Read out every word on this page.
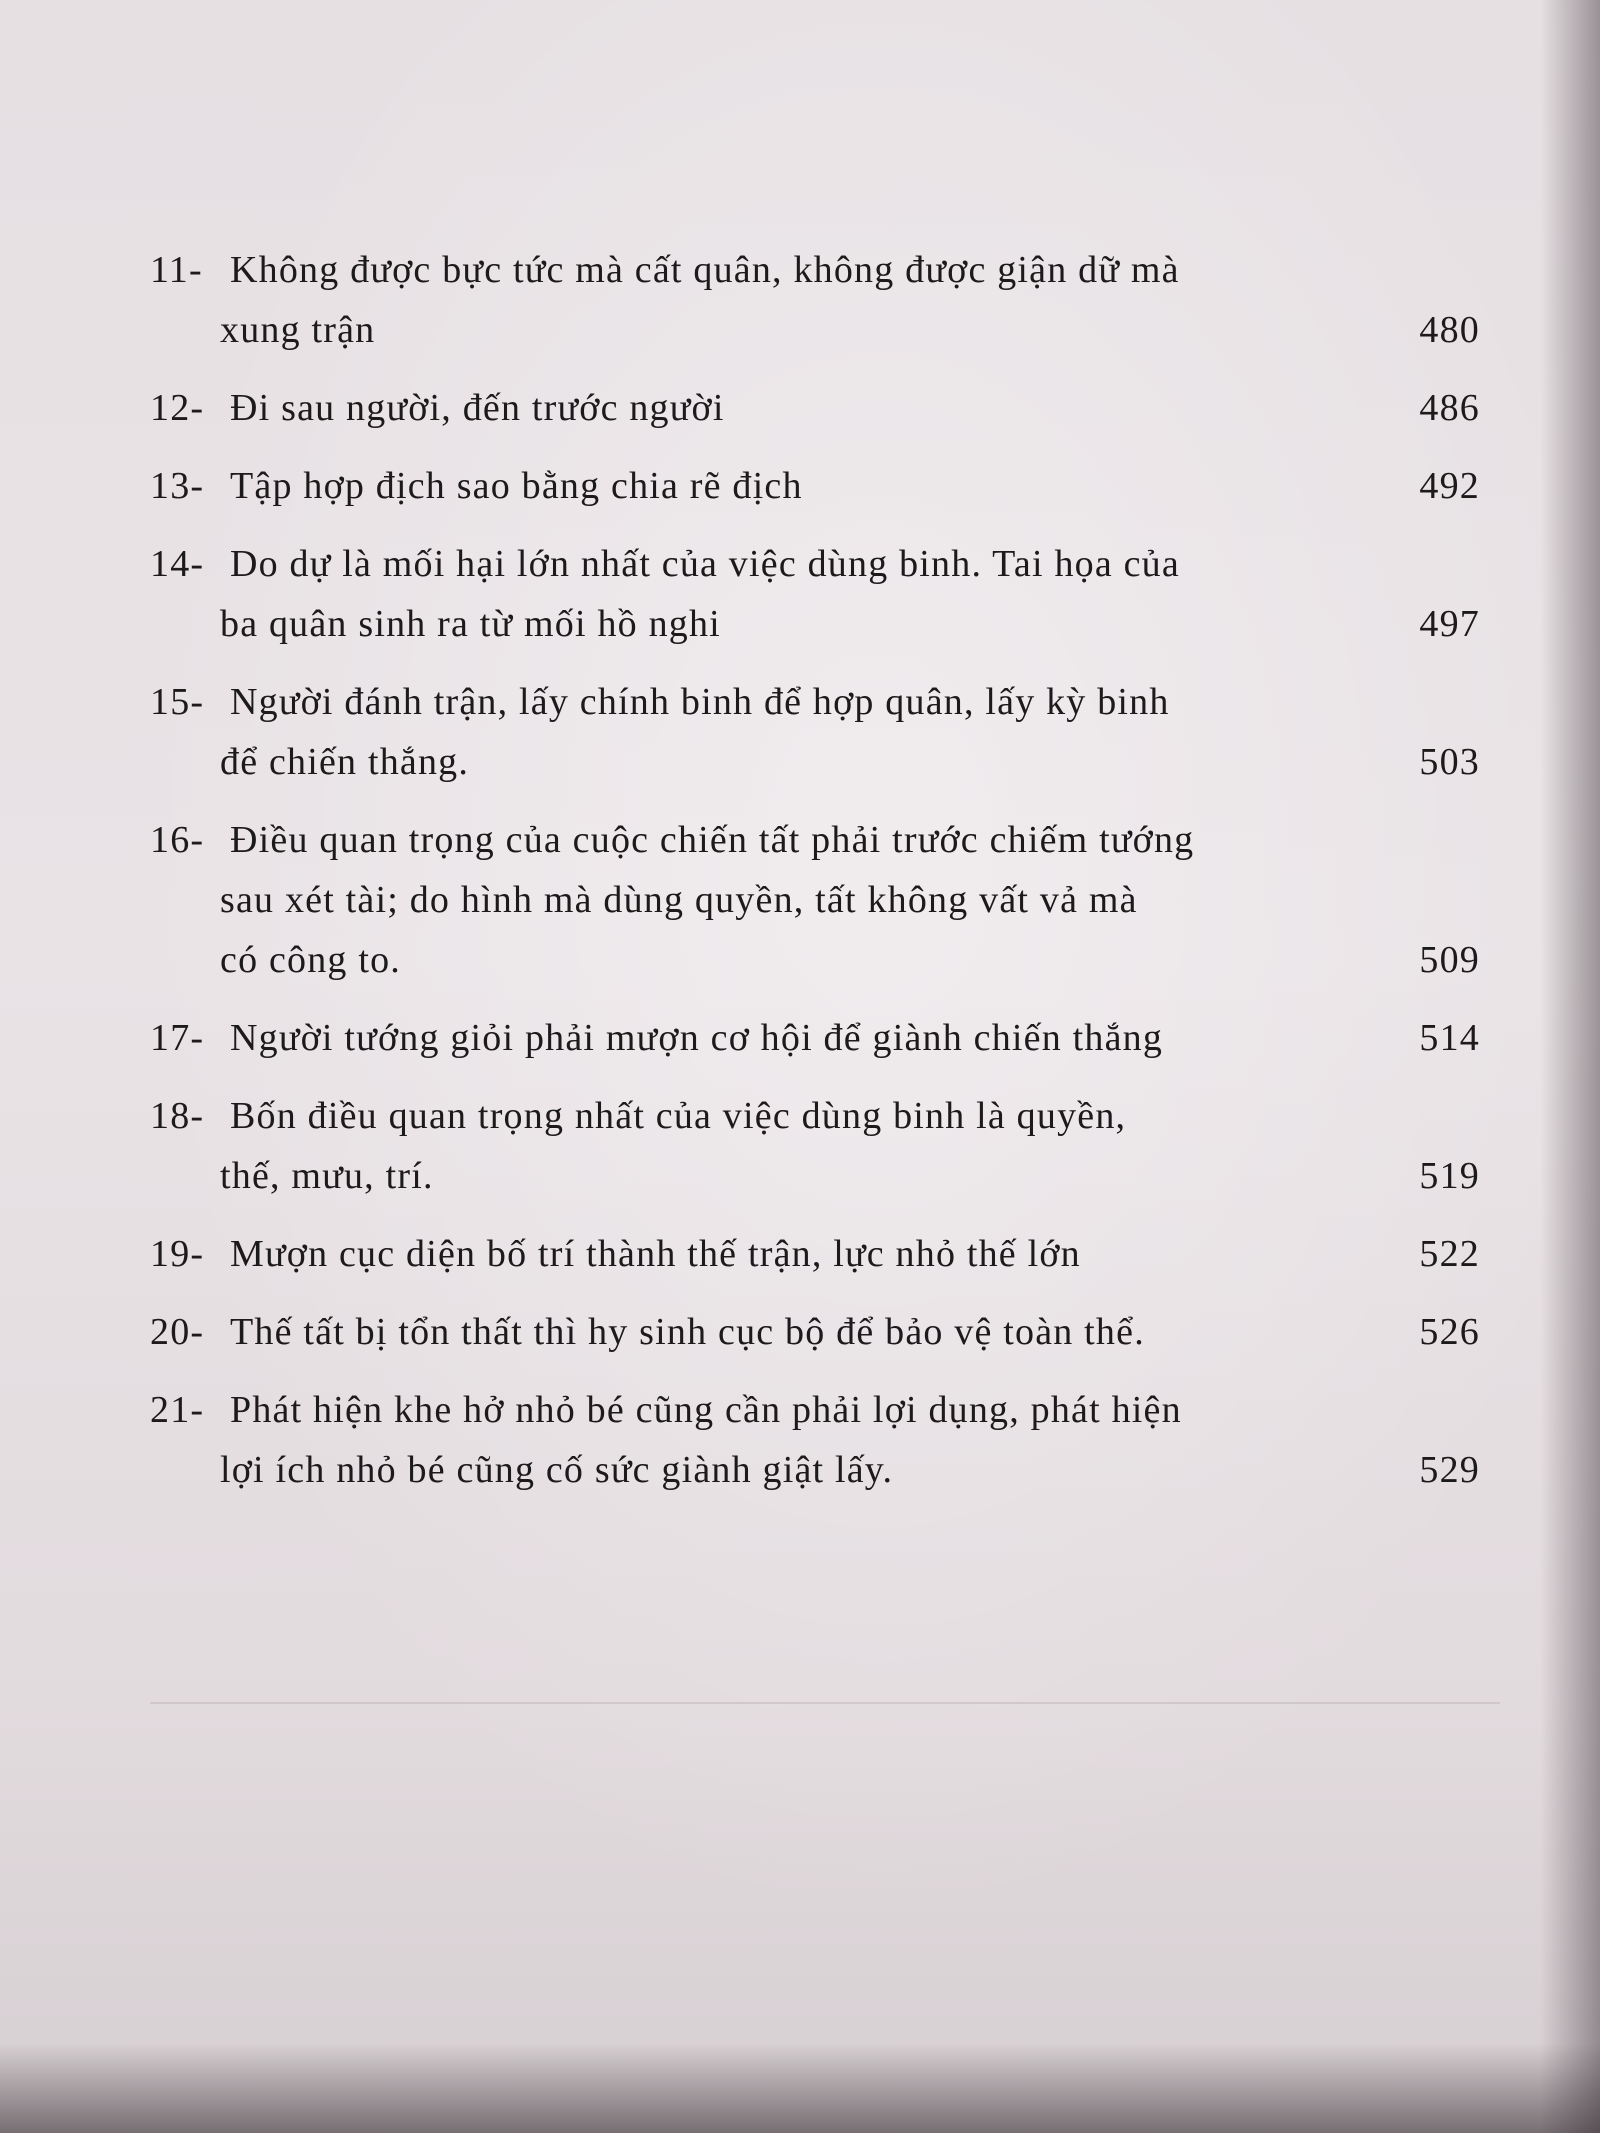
11- Không được bực tức mà cất quân, không được giận dữ mà
xung trận	480
12- Đi sau người, đến trước người	486
13- Tập hợp địch sao bằng chia rẽ địch	492
14- Do dự là mối hại lớn nhất của việc dùng binh. Tai họa của
ba quân sinh ra từ mối hồ nghi	497
15- Người đánh trận, lấy chính binh để hợp quân, lấy kỳ binh
để chiến thắng.	503
16- Điều quan trọng của cuộc chiến tất phải trước chiếm tướng
sau xét tài; do hình mà dùng quyền, tất không vất vả mà
có công to.	509
17- Người tướng giỏi phải mượn cơ hội để giành chiến thắng	514
18- Bốn điều quan trọng nhất của việc dùng binh là quyền,
thế, mưu, trí.	519
19- Mượn cục diện bố trí thành thế trận, lực nhỏ thế lớn	522
20- Thế tất bị tổn thất thì hy sinh cục bộ để bảo vệ toàn thể.	526
21- Phát hiện khe hở nhỏ bé cũng cần phải lợi dụng, phát hiện
lợi ích nhỏ bé cũng cố sức giành giật lấy.	529
